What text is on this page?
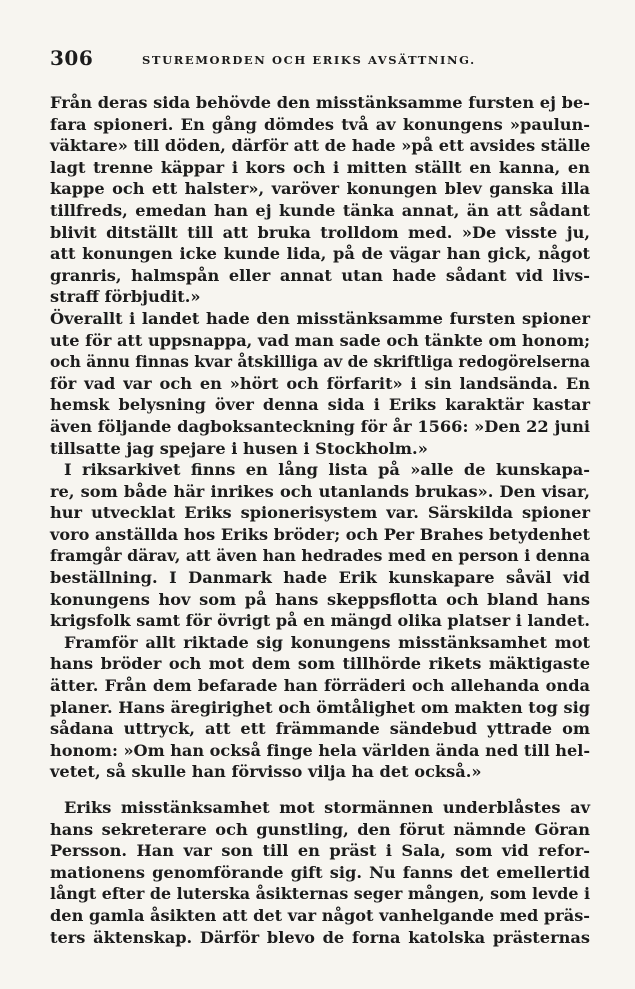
306	STUREMORDEN OCH ERIKS AVSÄTTNING.
Från deras sida behövde den misstänksamme fursten ej be-
fara spioneri. En gång dömdes två av konungens »paulun-
väktare» till döden, därför att de hade »på ett avsides ställe
lagt trenne käppar i kors och i mitten ställt en kanna, en
kappe och ett halster», varöver konungen blev ganska illa
tillfreds, emedan han ej kunde tänka annat, än att sådant
blivit ditställt till att bruka trolldom med. »De visste ju,
att konungen icke kunde lida, på de vägar han gick, något
granris, halmspån eller annat utan hade sådant vid livs-
straff förbjudit.»
Överallt i landet hade den misstänksamme fursten spioner
ute för att uppsnappa, vad man sade och tänkte om honom;
och ännu finnas kvar åtskilliga av de skriftliga redogörelserna
för vad var och en »hört och förfarit» i sin landsända. En
hemsk belysning över denna sida i Eriks karaktär kastar
även följande dagboksanteckning för år 1566: »Den 22 juni
tillsatte jag spejare i husen i Stockholm.»
I riksarkivet finns en lång lista på »alle de kunskapa-
re, som både här inrikes och utanlands brukas». Den visar,
hur utvecklat Eriks spionerisystem var. Särskilda spioner
voro anställda hos Eriks bröder; och Per Brahes betydenhet
framgår därav, att även han hedrades med en person i denna
beställning. I Danmark hade Erik kunskapare såväl vid
konungens hov som på hans skeppsflotta och bland hans
krigsfolk samt för övrigt på en mängd olika platser i landet.
Framför allt riktade sig konungens misstänksamhet mot
hans bröder och mot dem som tillhörde rikets mäktigaste
ätter. Från dem befarade han förräderi och allehanda onda
planer. Hans äregirighet och ömtålighet om makten tog sig
sådana uttryck, att ett främmande sändebud yttrade om
honom: »Om han också finge hela världen ända ned till hel-
vetet, så skulle han förvisso vilja ha det också.»
Eriks misstänksamhet mot stormännen underblåstes av
hans sekreterare och gunstling, den förut nämnde Göran
Persson. Han var son till en präst i Sala, som vid refor-
mationens genomförande gift sig. Nu fanns det emellertid
långt efter de luterska åsikternas seger mången, som levde i
den gamla åsikten att det var något vanhelgande med präs-
ters äktenskap. Därför blevo de forna katolska prästernas
